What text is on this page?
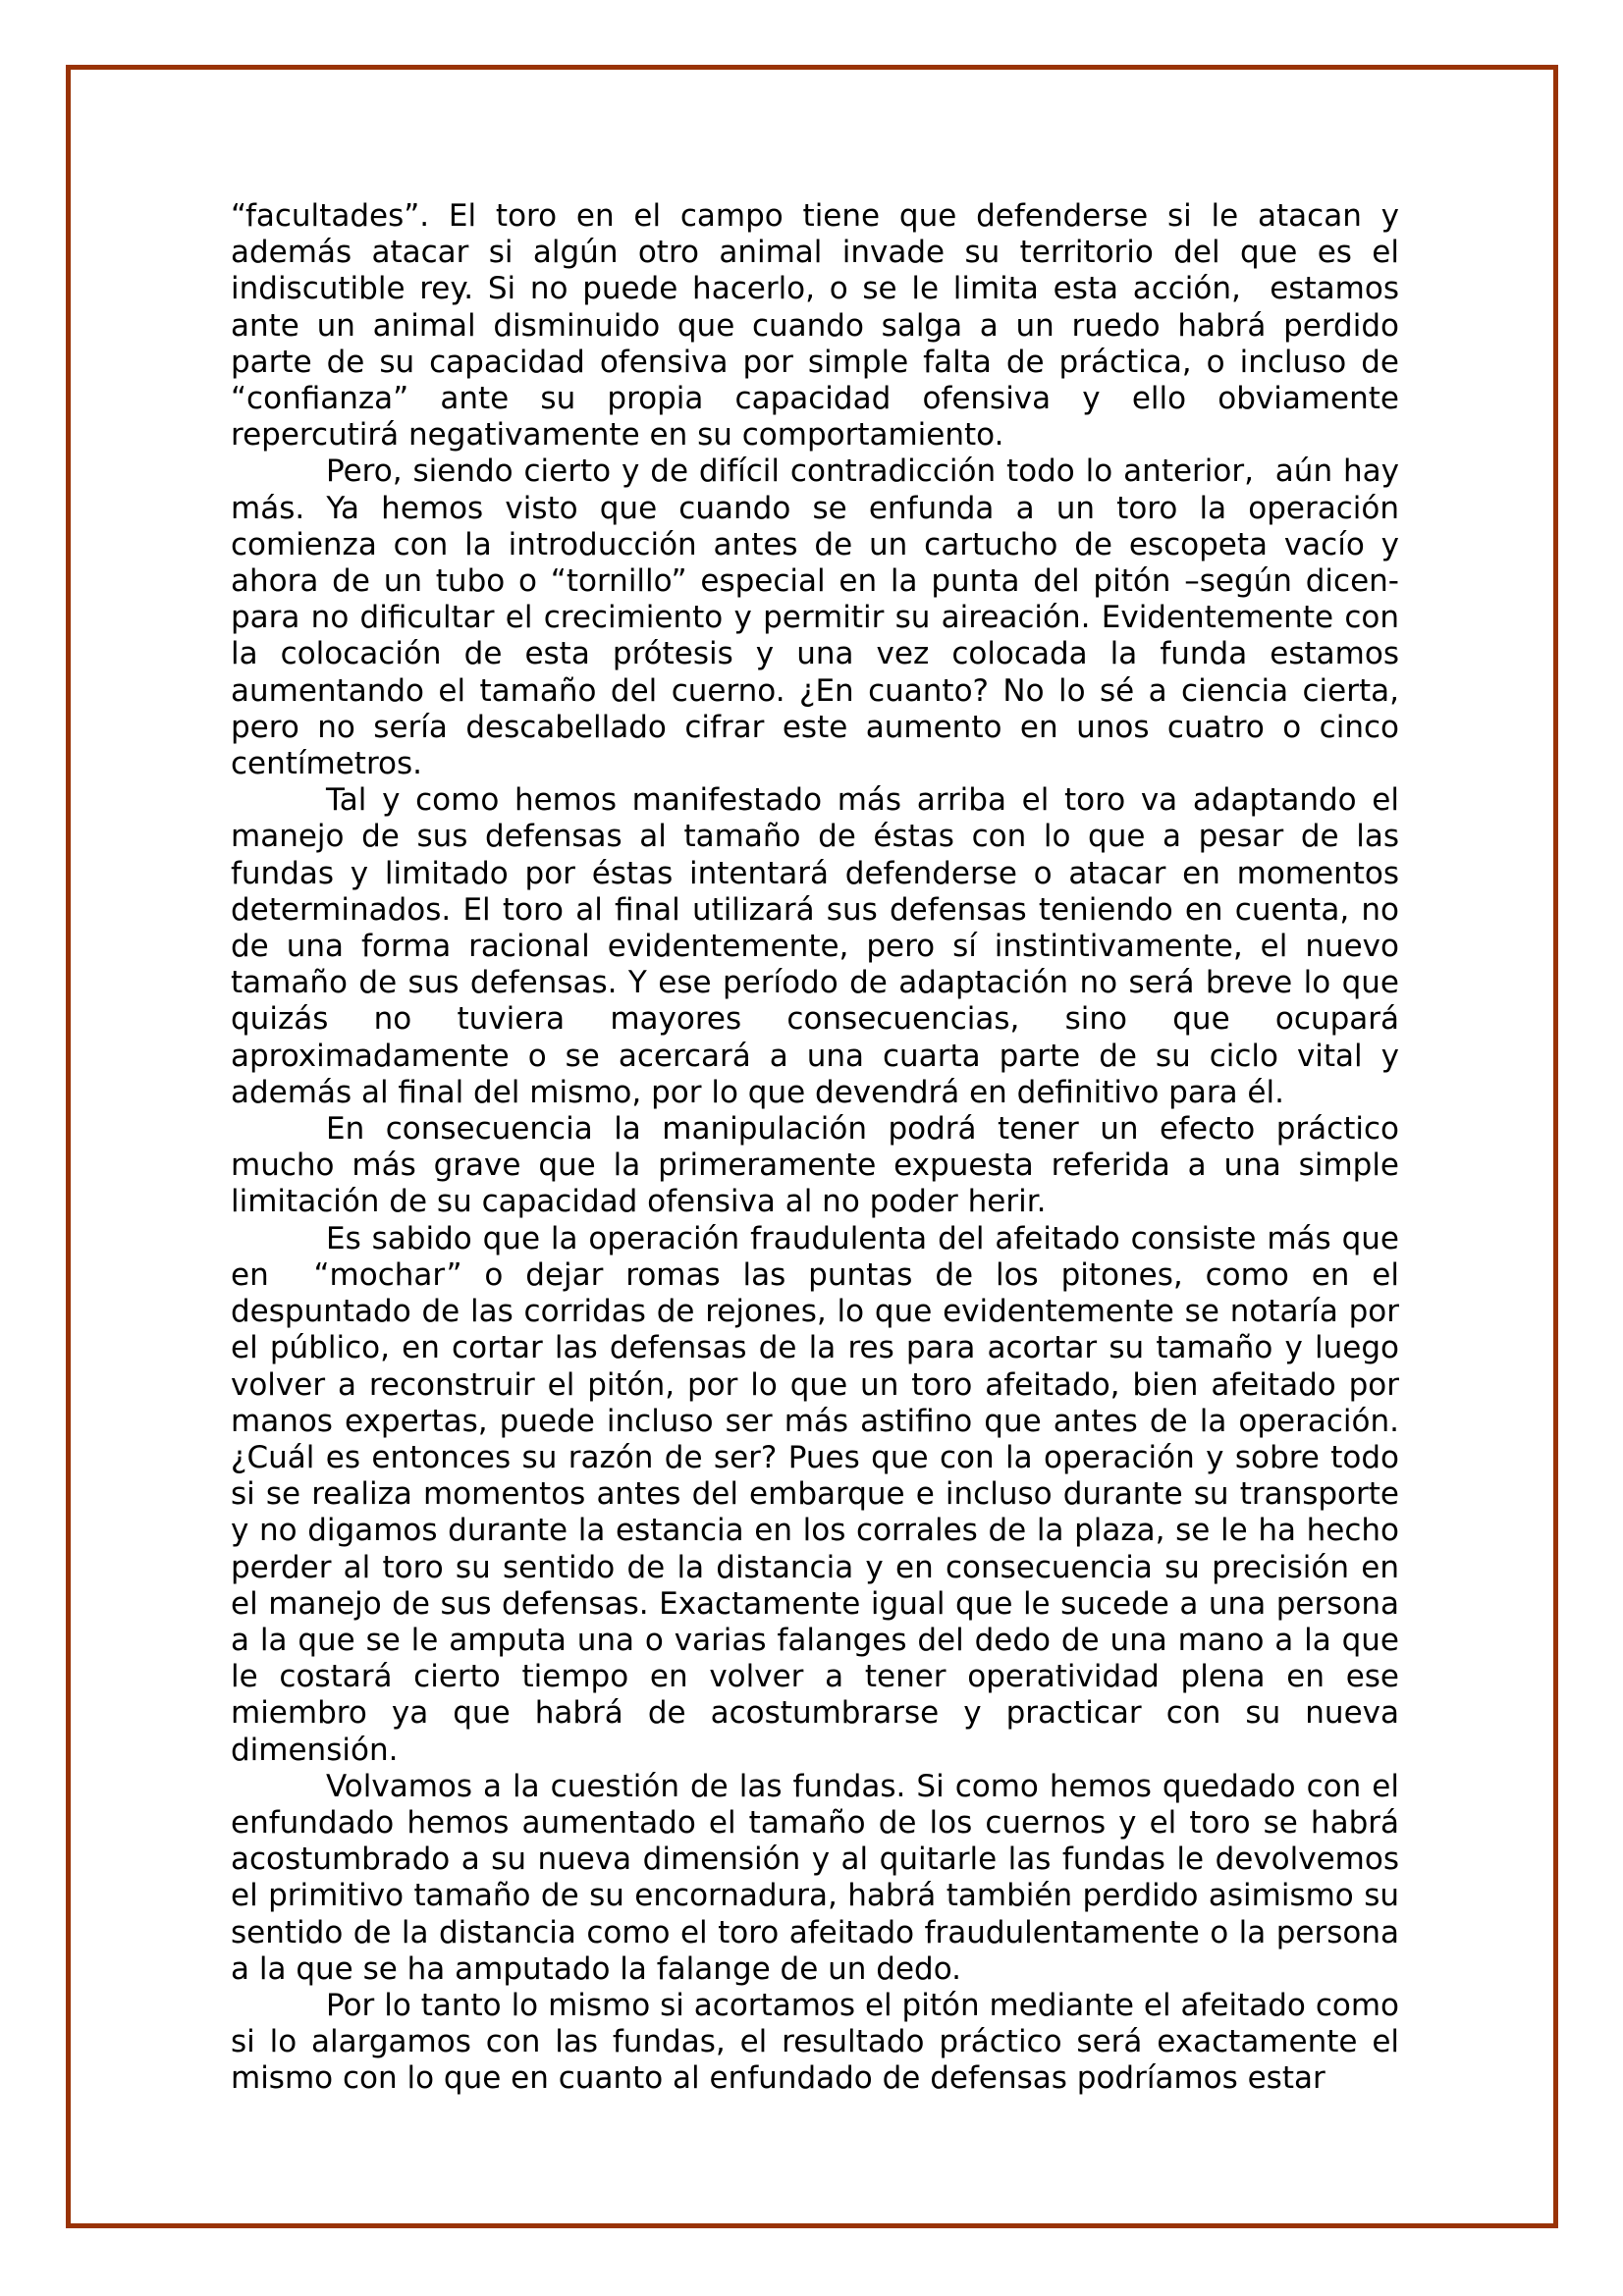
“facultades”. El toro en el campo tiene que defenderse si le atacan y además atacar si algún otro animal invade su territorio del que es el indiscutible rey. Si no puede hacerlo, o se le limita esta acción,  estamos ante un animal disminuido que cuando salga a un ruedo habrá perdido parte de su capacidad ofensiva por simple falta de práctica, o incluso de “confianza” ante su propia capacidad ofensiva y ello obviamente repercutirá negativamente en su comportamiento.

Pero, siendo cierto y de difícil contradicción todo lo anterior,  aún hay más. Ya hemos visto que cuando se enfunda a un toro la operación comienza con la introducción antes de un cartucho de escopeta vacío y ahora de un tubo o “tornillo” especial en la punta del pitón –según dicen- para no dificultar el crecimiento y permitir su aireación. Evidentemente con la colocación de esta prótesis y una vez colocada la funda estamos aumentando el tamaño del cuerno. ¿En cuanto? No lo sé a ciencia cierta, pero no sería descabellado cifrar este aumento en unos cuatro o cinco centímetros.

Tal y como hemos manifestado más arriba el toro va adaptando el manejo de sus defensas al tamaño de éstas con lo que a pesar de las fundas y limitado por éstas intentará defenderse o atacar en momentos determinados. El toro al final utilizará sus defensas teniendo en cuenta, no de una forma racional evidentemente, pero sí instintivamente, el nuevo tamaño de sus defensas. Y ese período de adaptación no será breve lo que quizás no tuviera mayores consecuencias, sino que ocupará aproximadamente o se acercará a una cuarta parte de su ciclo vital y además al final del mismo, por lo que devendrá en definitivo para él.

En consecuencia la manipulación podrá tener un efecto práctico mucho más grave que la primeramente expuesta referida a una simple limitación de su capacidad ofensiva al no poder herir.

Es sabido que la operación fraudulenta del afeitado consiste más que en  “mochar” o dejar romas las puntas de los pitones, como en el despuntado de las corridas de rejones, lo que evidentemente se notaría por el público, en cortar las defensas de la res para acortar su tamaño y luego volver a reconstruir el pitón, por lo que un toro afeitado, bien afeitado por manos expertas, puede incluso ser más astifino que antes de la operación. ¿Cuál es entonces su razón de ser? Pues que con la operación y sobre todo si se realiza momentos antes del embarque e incluso durante su transporte y no digamos durante la estancia en los corrales de la plaza, se le ha hecho perder al toro su sentido de la distancia y en consecuencia su precisión en el manejo de sus defensas. Exactamente igual que le sucede a una persona a la que se le amputa una o varias falanges del dedo de una mano a la que le costará cierto tiempo en volver a tener operatividad plena en ese miembro ya que habrá de acostumbrarse y practicar con su nueva dimensión.

Volvamos a la cuestión de las fundas. Si como hemos quedado con el enfundado hemos aumentado el tamaño de los cuernos y el toro se habrá acostumbrado a su nueva dimensión y al quitarle las fundas le devolvemos el primitivo tamaño de su encornadura, habrá también perdido asimismo su sentido de la distancia como el toro afeitado fraudulentamente o la persona a la que se ha amputado la falange de un dedo.

Por lo tanto lo mismo si acortamos el pitón mediante el afeitado como si lo alargamos con las fundas, el resultado práctico será exactamente el mismo con lo que en cuanto al enfundado de defensas podríamos estar
